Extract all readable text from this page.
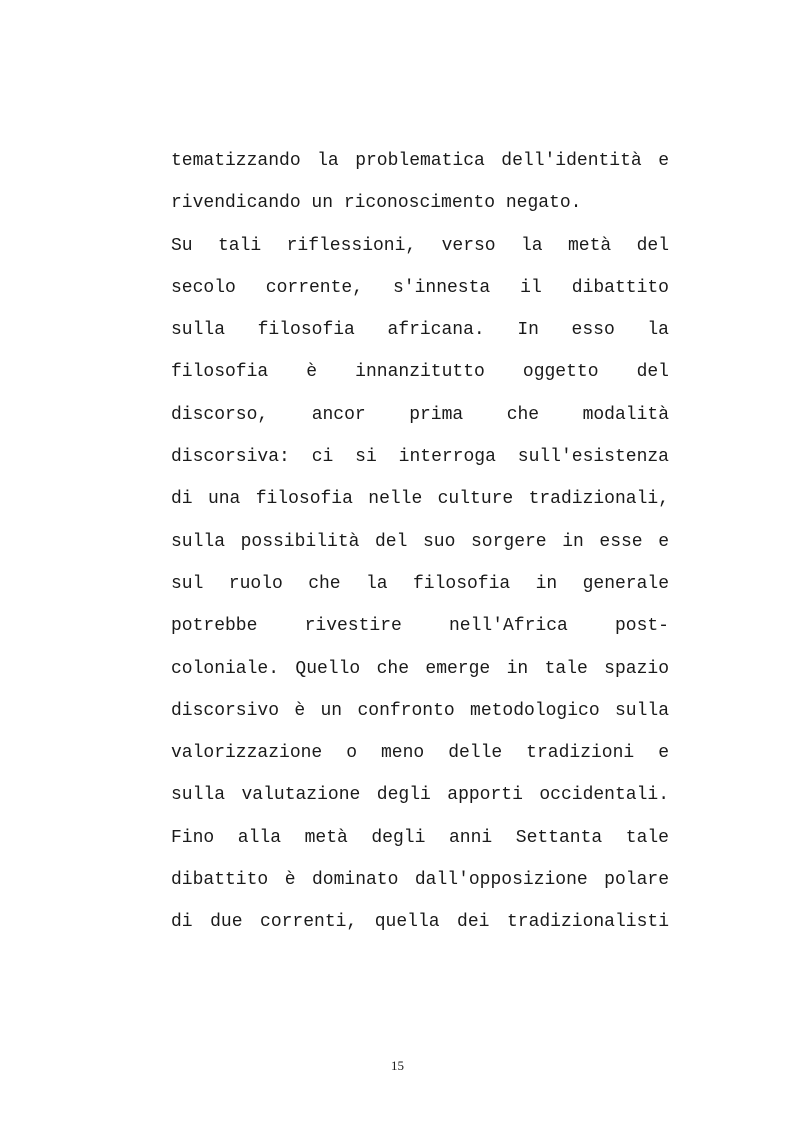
tematizzando la problematica dell'identità e
rivendicando un riconoscimento negato.
Su tali riflessioni, verso la metà del
secolo corrente, s'innesta il dibattito
sulla filosofia africana. In esso la
filosofia è innanzitutto oggetto del
discorso, ancor prima che modalità
discorsiva: ci si interroga sull'esistenza
di una filosofia nelle culture tradizionali,
sulla possibilità del suo sorgere in esse e
sul ruolo che la filosofia in generale
potrebbe rivestire nell'Africa post-
coloniale. Quello che emerge in tale spazio
discorsivo è un confronto metodologico sulla
valorizzazione o meno delle tradizioni e
sulla valutazione degli apporti occidentali.
Fino alla metà degli anni Settanta tale
dibattito è dominato dall'opposizione polare
di due correnti, quella dei tradizionalisti
15
